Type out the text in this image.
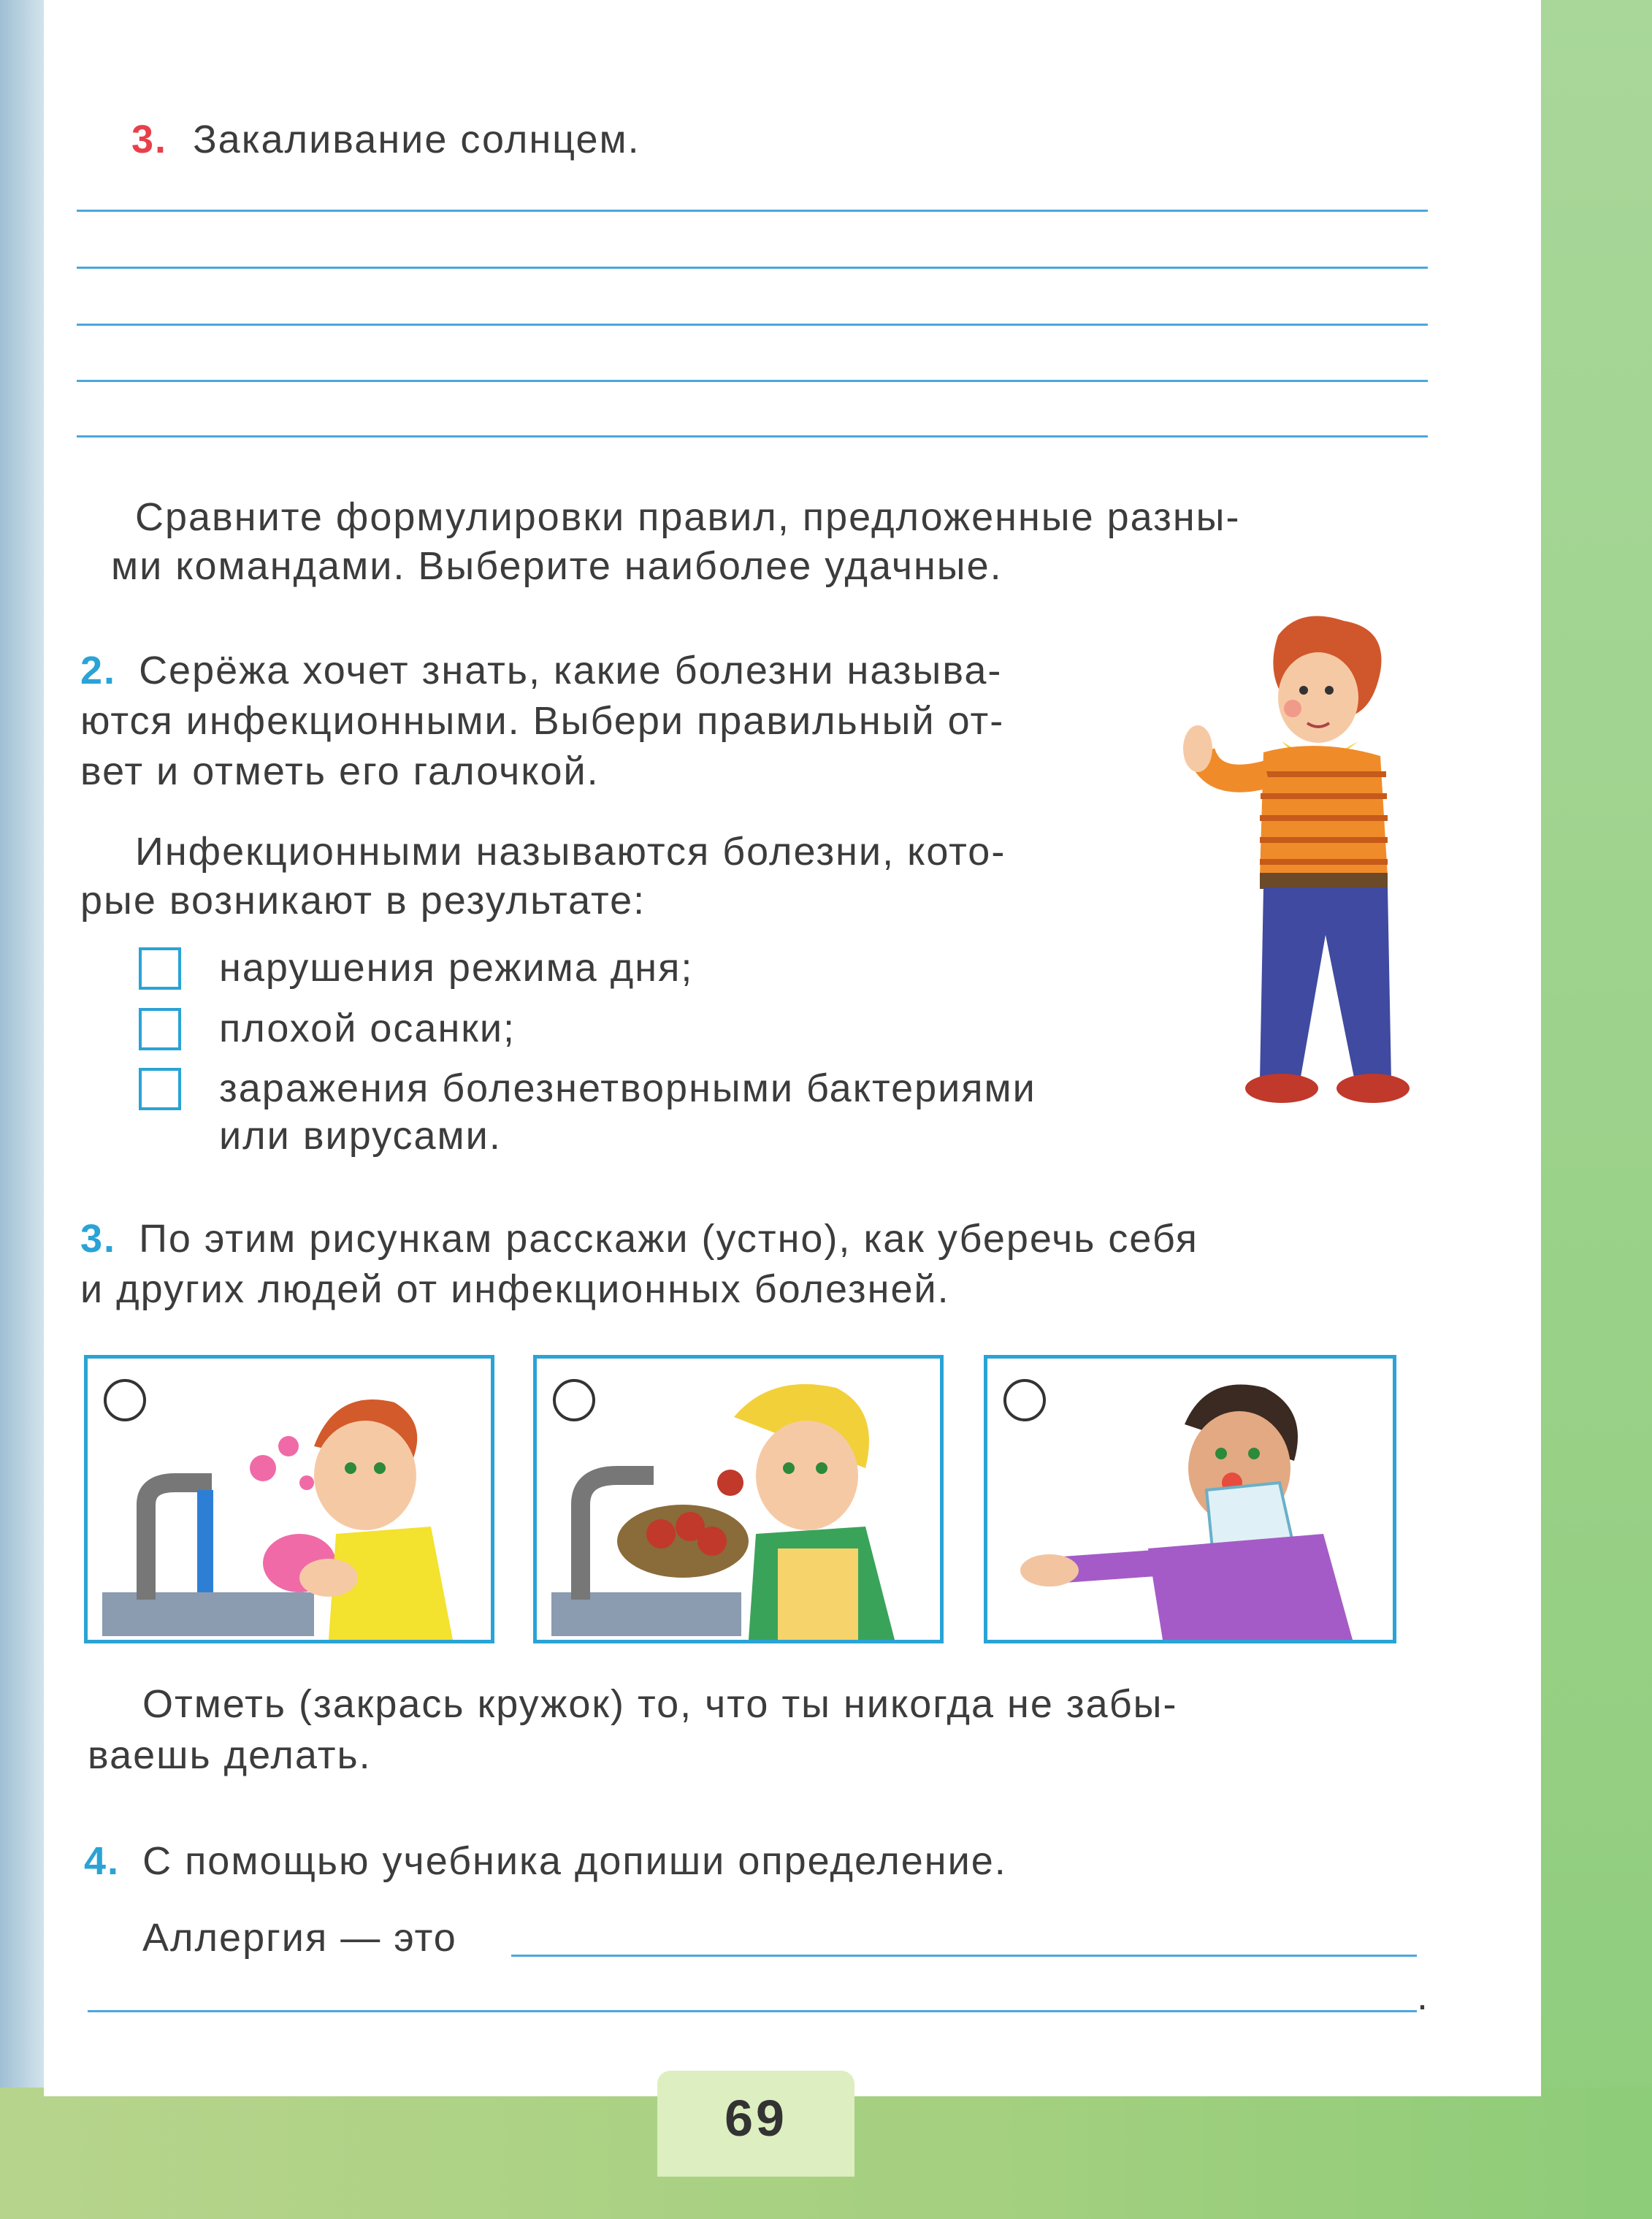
3. Закаливание солнцем.
Сравните формулировки правил, предложенные разны-
ми командами. Выберите наиболее удачные.
2. Серёжа хочет знать, какие болезни называ-
ются инфекционными. Выбери правильный от-
вет и отметь его галочкой.
Инфекционными называются болезни, кото-
рые возникают в результате:
нарушения режима дня;
плохой осанки;
заражения болезнетворными бактериями
или вирусами.
3. По этим рисункам расскажи (устно), как уберечь себя
и других людей от инфекционных болезней.
Отметь (закрась кружок) то, что ты никогда не забы-
ваешь делать.
4. С помощью учебника допиши определение.
Аллергия — это
.
69
